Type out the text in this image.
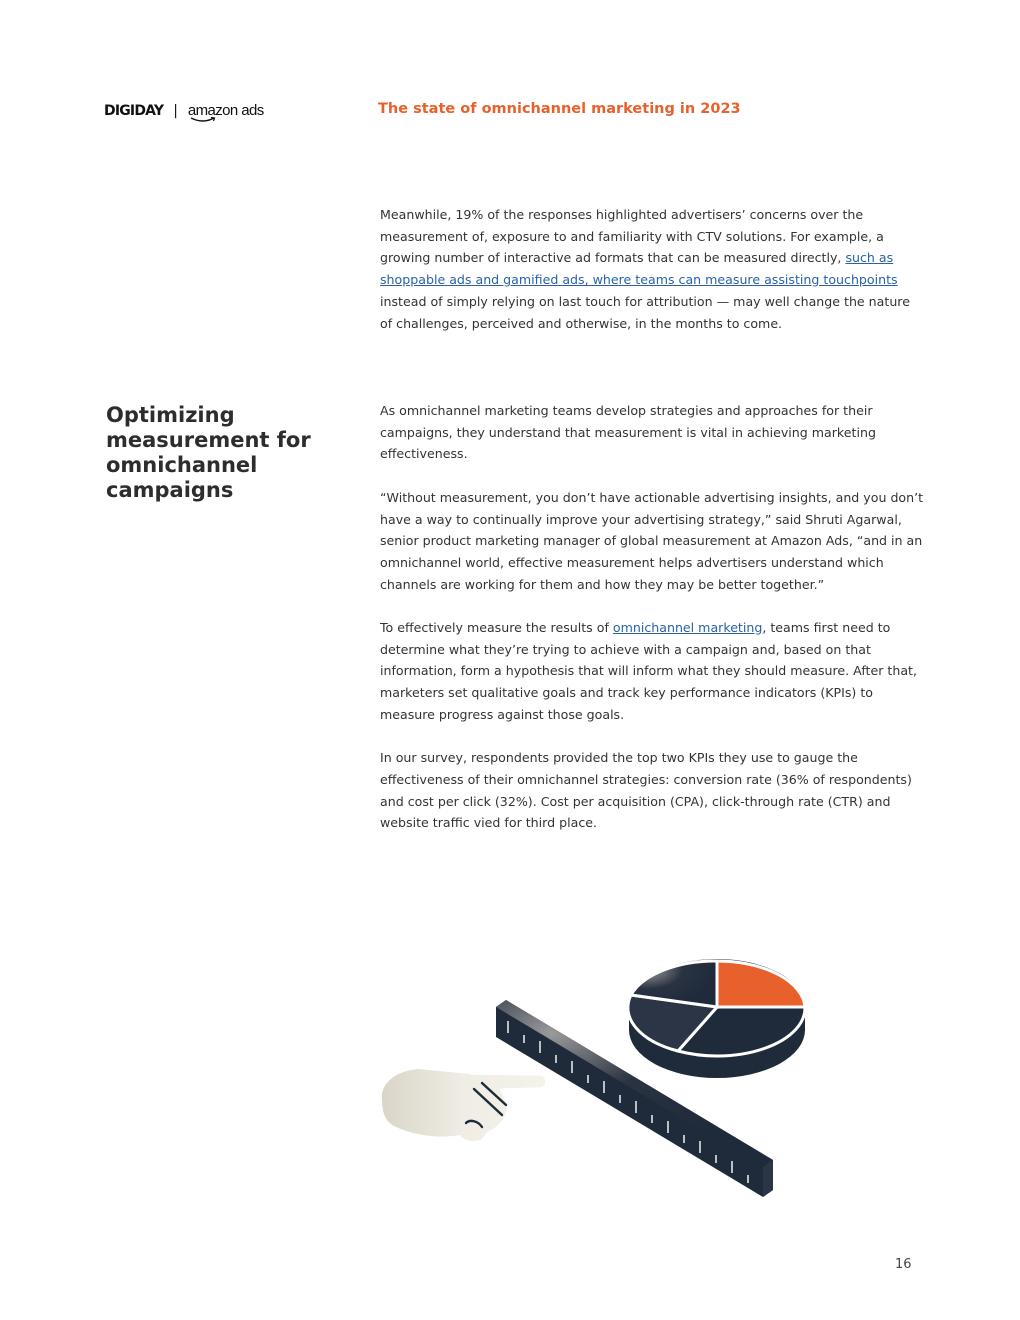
DIGIDAY | amazon ads	The state of omnichannel marketing in 2023

Meanwhile, 19% of the responses highlighted advertisers’ concerns over the measurement of, exposure to and familiarity with CTV solutions. For example, a growing number of interactive ad formats that can be measured directly, such as shoppable ads and gamified ads, where teams can measure assisting touchpoints instead of simply relying on last touch for attribution — may well change the nature of challenges, perceived and otherwise, in the months to come.

Optimizing measurement for omnichannel campaigns

As omnichannel marketing teams develop strategies and approaches for their campaigns, they understand that measurement is vital in achieving marketing effectiveness.

“Without measurement, you don’t have actionable advertising insights, and you don’t have a way to continually improve your advertising strategy,” said Shruti Agarwal, senior product marketing manager of global measurement at Amazon Ads, “and in an omnichannel world, effective measurement helps advertisers understand which channels are working for them and how they may be better together.”

To effectively measure the results of omnichannel marketing, teams first need to determine what they’re trying to achieve with a campaign and, based on that information, form a hypothesis that will inform what they should measure. After that, marketers set qualitative goals and track key performance indicators (KPIs) to measure progress against those goals.

In our survey, respondents provided the top two KPIs they use to gauge the effectiveness of their omnichannel strategies: conversion rate (36% of respondents) and cost per click (32%). Cost per acquisition (CPA), click-through rate (CTR) and website traffic vied for third place.

16
